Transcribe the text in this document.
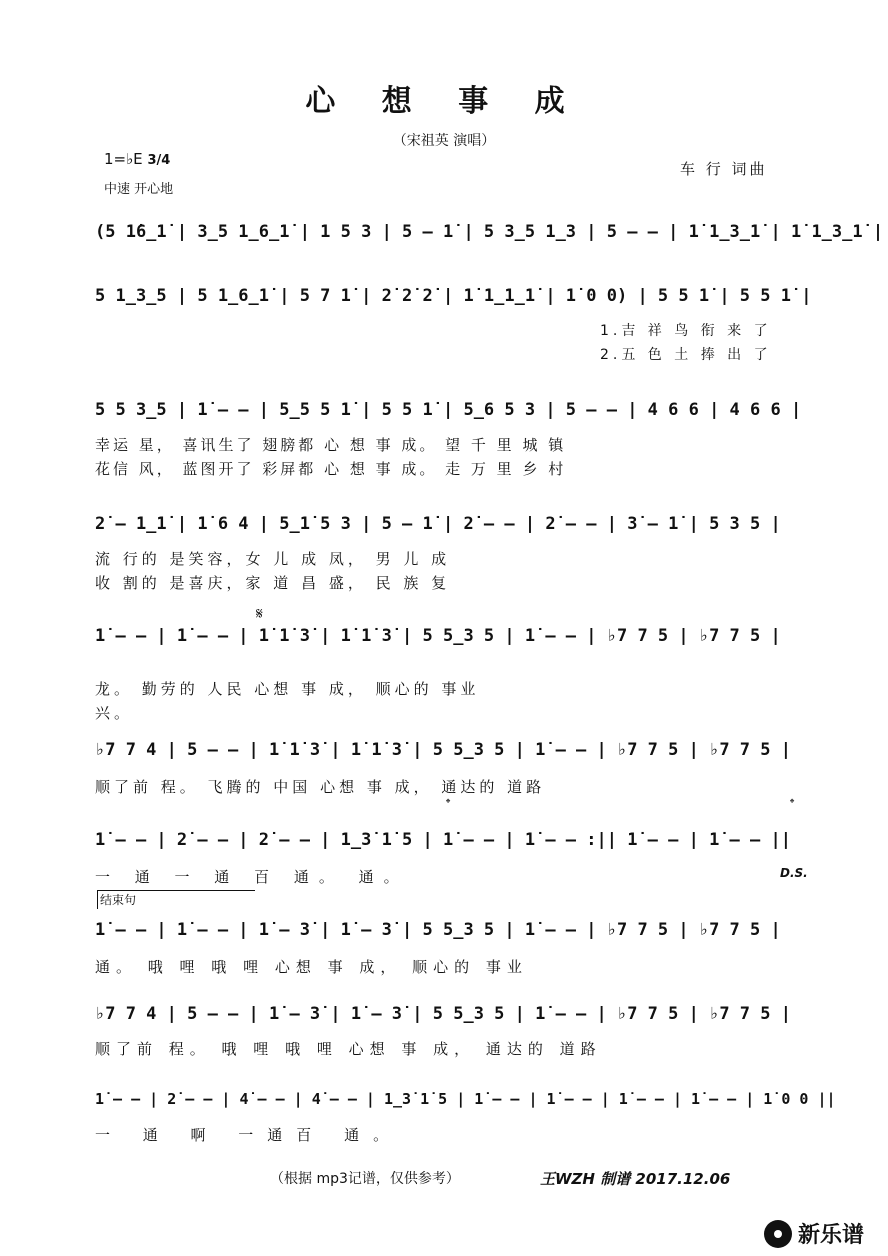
心 想 事 成
（宋祖英 演唱）
1=♭E 3/4
中速 开心地
车 行 词曲
(5 1̇6̲1̇ | 3̲5 1̲6̲1̇ | 1 5 3 | 5 – 1̇ | 5 3̲5 1̲3 | 5 – – | 1̇ 1̲3̲1̇ | 1̇ 1̲3̲1̇ |
5 1̲3̲5 | 5 1̲6̲1̇ | 5 7 1̇ | 2̇ 2̇ 2̇ | 1̇ 1̲1̲1̇ | 1̇ 0 0) | 5 5 1̇ | 5 5 1̇ |
1.吉 祥 鸟 衔 来 了
2.五 色 土 捧 出 了
5 5 3̲5 | 1̇ – – | 5̲5 5 1̇ | 5 5 1̇ | 5̲6 5 3 | 5 – – | 4 6 6 | 4 6 6 |
幸运 星， 喜讯生了 翅膀都 心 想 事 成。 望 千 里 城 镇
花信 风， 蓝图开了 彩屏都 心 想 事 成。 走 万 里 乡 村
2̇ – 1̲1̇ | 1̇ 6 4 | 5̲1̇ 5 3 | 5 – 1̇ | 2̇ – – | 2̇ – – | 3̇ – 1̇ | 5 3 5 |
流 行的 是笑容，女 儿 成 凤， 男 儿 成
收 割的 是喜庆，家 道 昌 盛， 民 族 复
𝄋
1̇ – – | 1̇ – – | 1̇ 1̇ 3̇ | 1̇ 1̇ 3̇ | 5 5̲3 5 | 1̇ – – | ♭7 7 5 | ♭7 7 5 |
龙。 勤劳的 人民 心想 事 成， 顺心的 事业
兴。
♭7 7 4 | 5 – – | 1̇ 1̇ 3̇ | 1̇ 1̇ 3̇ | 5 5̲3 5 | 1̇ – – | ♭7 7 5 | ♭7 7 5 |
顺了前 程。 飞腾的 中国 心想 事 成， 通达的 道路
𝄌	𝄌
1̇ – – | 2̇ – – | 2̇ – – | 1̲3̇ 1̇ 5 | 1̇ – – | 1̇ – – :|| 1̇ – – | 1̇ – – ||
一 通 一 通 百 通。 通。	D.S.
结束句
1̇ – – | 1̇ – – | 1̇ – 3̇ | 1̇ – 3̇ | 5 5̲3 5 | 1̇ – – | ♭7 7 5 | ♭7 7 5 |
通。 哦 哩 哦 哩 心想 事 成， 顺心的 事业
♭7 7 4 | 5 – – | 1̇ – 3̇ | 1̇ – 3̇ | 5 5̲3 5 | 1̇ – – | ♭7 7 5 | ♭7 7 5 |
顺了前 程。 哦 哩 哦 哩 心想 事 成， 通达的 道路
1̇ – – | 2̇ – – | 4̇ – – | 4̇ – – | 1̲3̇ 1̇ 5 | 1̇ – – | 1̇ – – | 1̇ – – | 1̇ – – | 1̇ 0 0 ||
一 通 啊 一通百 通。
（根据 mp3记谱，仅供参考）	王WZH 制谱 2017.12.06
新乐谱
